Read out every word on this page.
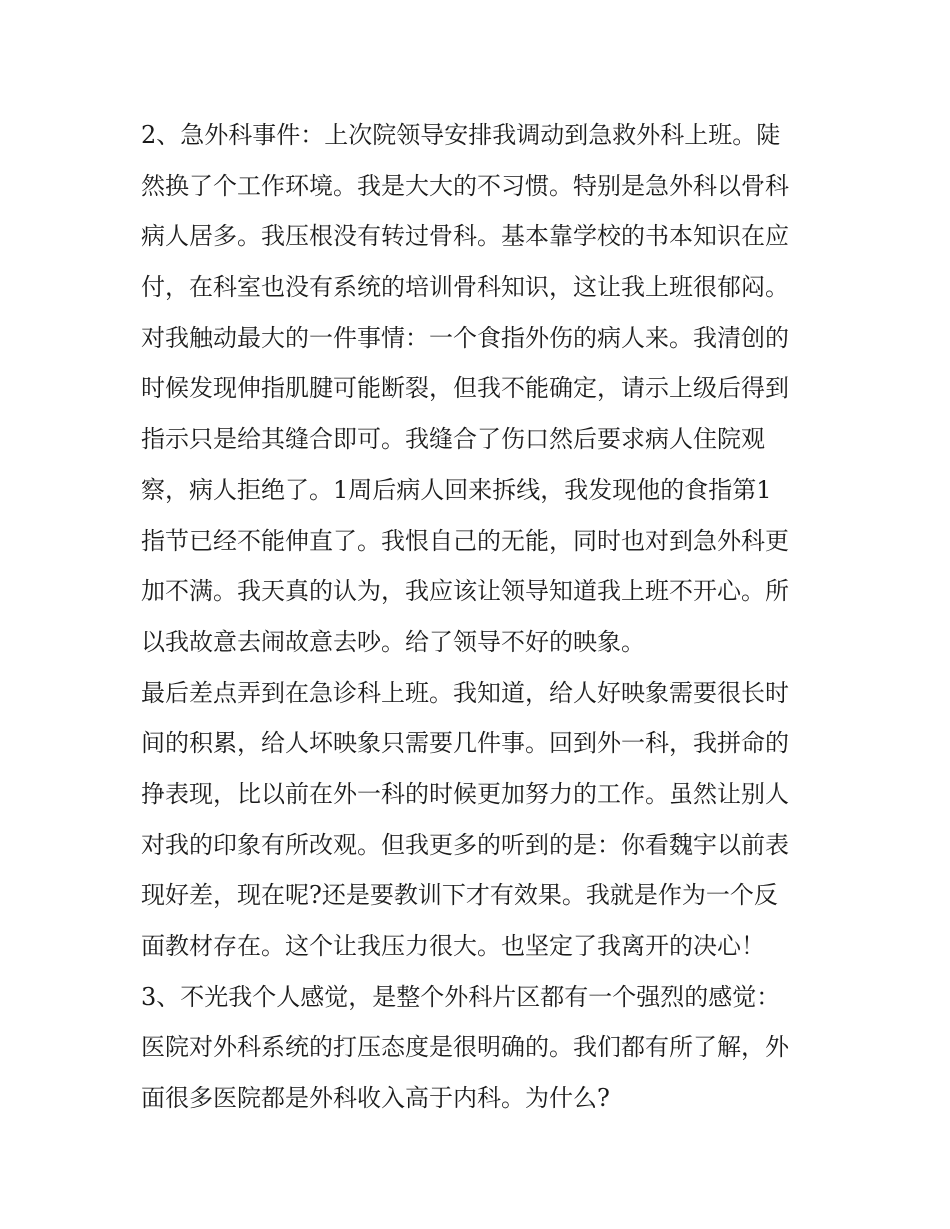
2、急外科事件：上次院领导安排我调动到急救外科上班。陡
然换了个工作环境。我是大大的不习惯。特别是急外科以骨科
病人居多。我压根没有转过骨科。基本靠学校的书本知识在应
付，在科室也没有系统的培训骨科知识，这让我上班很郁闷。
对我触动最大的一件事情：一个食指外伤的病人来。我清创的
时候发现伸指肌腱可能断裂，但我不能确定，请示上级后得到
指示只是给其缝合即可。我缝合了伤口然后要求病人住院观
察，病人拒绝了。1周后病人回来拆线，我发现他的食指第1
指节已经不能伸直了。我恨自己的无能，同时也对到急外科更
加不满。我天真的认为，我应该让领导知道我上班不开心。所
以我故意去闹故意去吵。给了领导不好的映象。
最后差点弄到在急诊科上班。我知道，给人好映象需要很长时
间的积累，给人坏映象只需要几件事。回到外一科，我拼命的
挣表现，比以前在外一科的时候更加努力的工作。虽然让别人
对我的印象有所改观。但我更多的听到的是：你看魏宇以前表
现好差，现在呢?还是要教训下才有效果。我就是作为一个反
面教材存在。这个让我压力很大。也坚定了我离开的决心！
3、不光我个人感觉，是整个外科片区都有一个强烈的感觉：
医院对外科系统的打压态度是很明确的。我们都有所了解，外
面很多医院都是外科收入高于内科。为什么?
